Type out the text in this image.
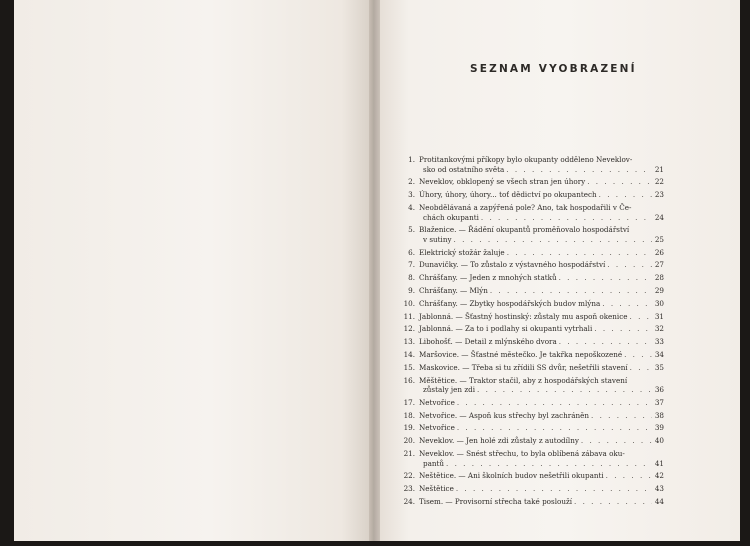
SEZNAM VYOBRAZENÍ
1. Protitankovými příkopy bylo okupanty odděleno Neveklov-
sko od ostatního světa . . .	21
2. Neveklov, obklopený se všech stran jen úhory . . .	22
3. Úhory, úhory, úhory... toť dědictví po okupantech . . .	23
4. Neobdělávaná a zapýřená pole? Ano, tak hospodařili v Če-
chách okupanti . . .	24
5. Blaženice. — Řádění okupantů proměňovalo hospodářství
v sutiny . . .	25
6. Elektrický stožár žaluje . . .	26
7. Dunavičky. — To zůstalo z výstavného hospodářství . . .	27
8. Chrášťany. — Jeden z mnohých statků . . .	28
9. Chrášťany. — Mlýn . . .	29
10. Chrášťany. — Zbytky hospodářských budov mlýna . . .	30
11. Jablonná. — Šťastný hostinský: zůstaly mu aspoň okenice . . .	31
12. Jablonná. — Za to i podlahy si okupanti vytrhali . . .	32
13. Libohošť. — Detail z mlýnského dvora . . .	33
14. Maršovice. — Šťastné městečko. Je takřka nepoškozené . . .	34
15. Maskovice. — Třeba si tu zřídili SS dvůr, nešetřili stavení . . .	35
16. Měštětice. — Traktor stačil, aby z hospodářských stavení
zůstaly jen zdi . . .	36
17. Netvořice . . .	37
18. Netvořice. — Aspoň kus střechy byl zachráněn . . .	38
19. Netvořice . . .	39
20. Neveklov. — Jen holé zdi zůstaly z autodílny . . .	40
21. Neveklov. — Snést střechu, to byla oblíbená zábava oku-
pantů . . .	41
22. Neštětice. — Ani školních budov nešetřili okupanti . . .	42
23. Neštětice . . .	43
24. Tisem. — Provisorní střecha také poslouží . . .	44
